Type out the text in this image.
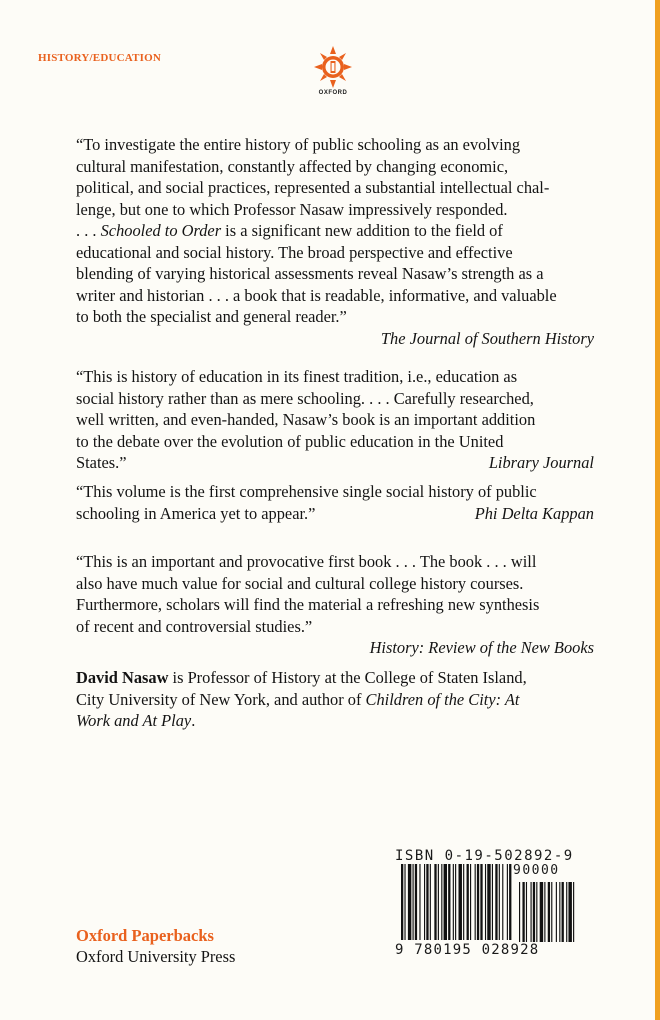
HISTORY/EDUCATION
OXFORD
“To investigate the entire history of public schooling as an evolving
cultural manifestation, constantly affected by changing economic,
political, and social practices, represented a substantial intellectual chal-
lenge, but one to which Professor Nasaw impressively responded.
. . . Schooled to Order is a significant new addition to the field of
educational and social history. The broad perspective and effective
blending of varying historical assessments reveal Nasaw’s strength as a
writer and historian . . . a book that is readable, informative, and valuable
to both the specialist and general reader.”
The Journal of Southern History
“This is history of education in its finest tradition, i.e., education as
social history rather than as mere schooling. . . . Carefully researched,
well written, and even-handed, Nasaw’s book is an important addition
to the debate over the evolution of public education in the United
States.”	Library Journal
“This volume is the first comprehensive single social history of public
schooling in America yet to appear.”	Phi Delta Kappan
“This is an important and provocative first book . . . The book . . . will
also have much value for social and cultural college history courses.
Furthermore, scholars will find the material a refreshing new synthesis
of recent and controversial studies.”
History: Review of the New Books
David Nasaw is Professor of History at the College of Staten Island,
City University of New York, and author of Children of the City: At
Work and At Play.
ISBN 0-19-502892-9
90000
9 780195 028928
Oxford Paperbacks
Oxford University Press
